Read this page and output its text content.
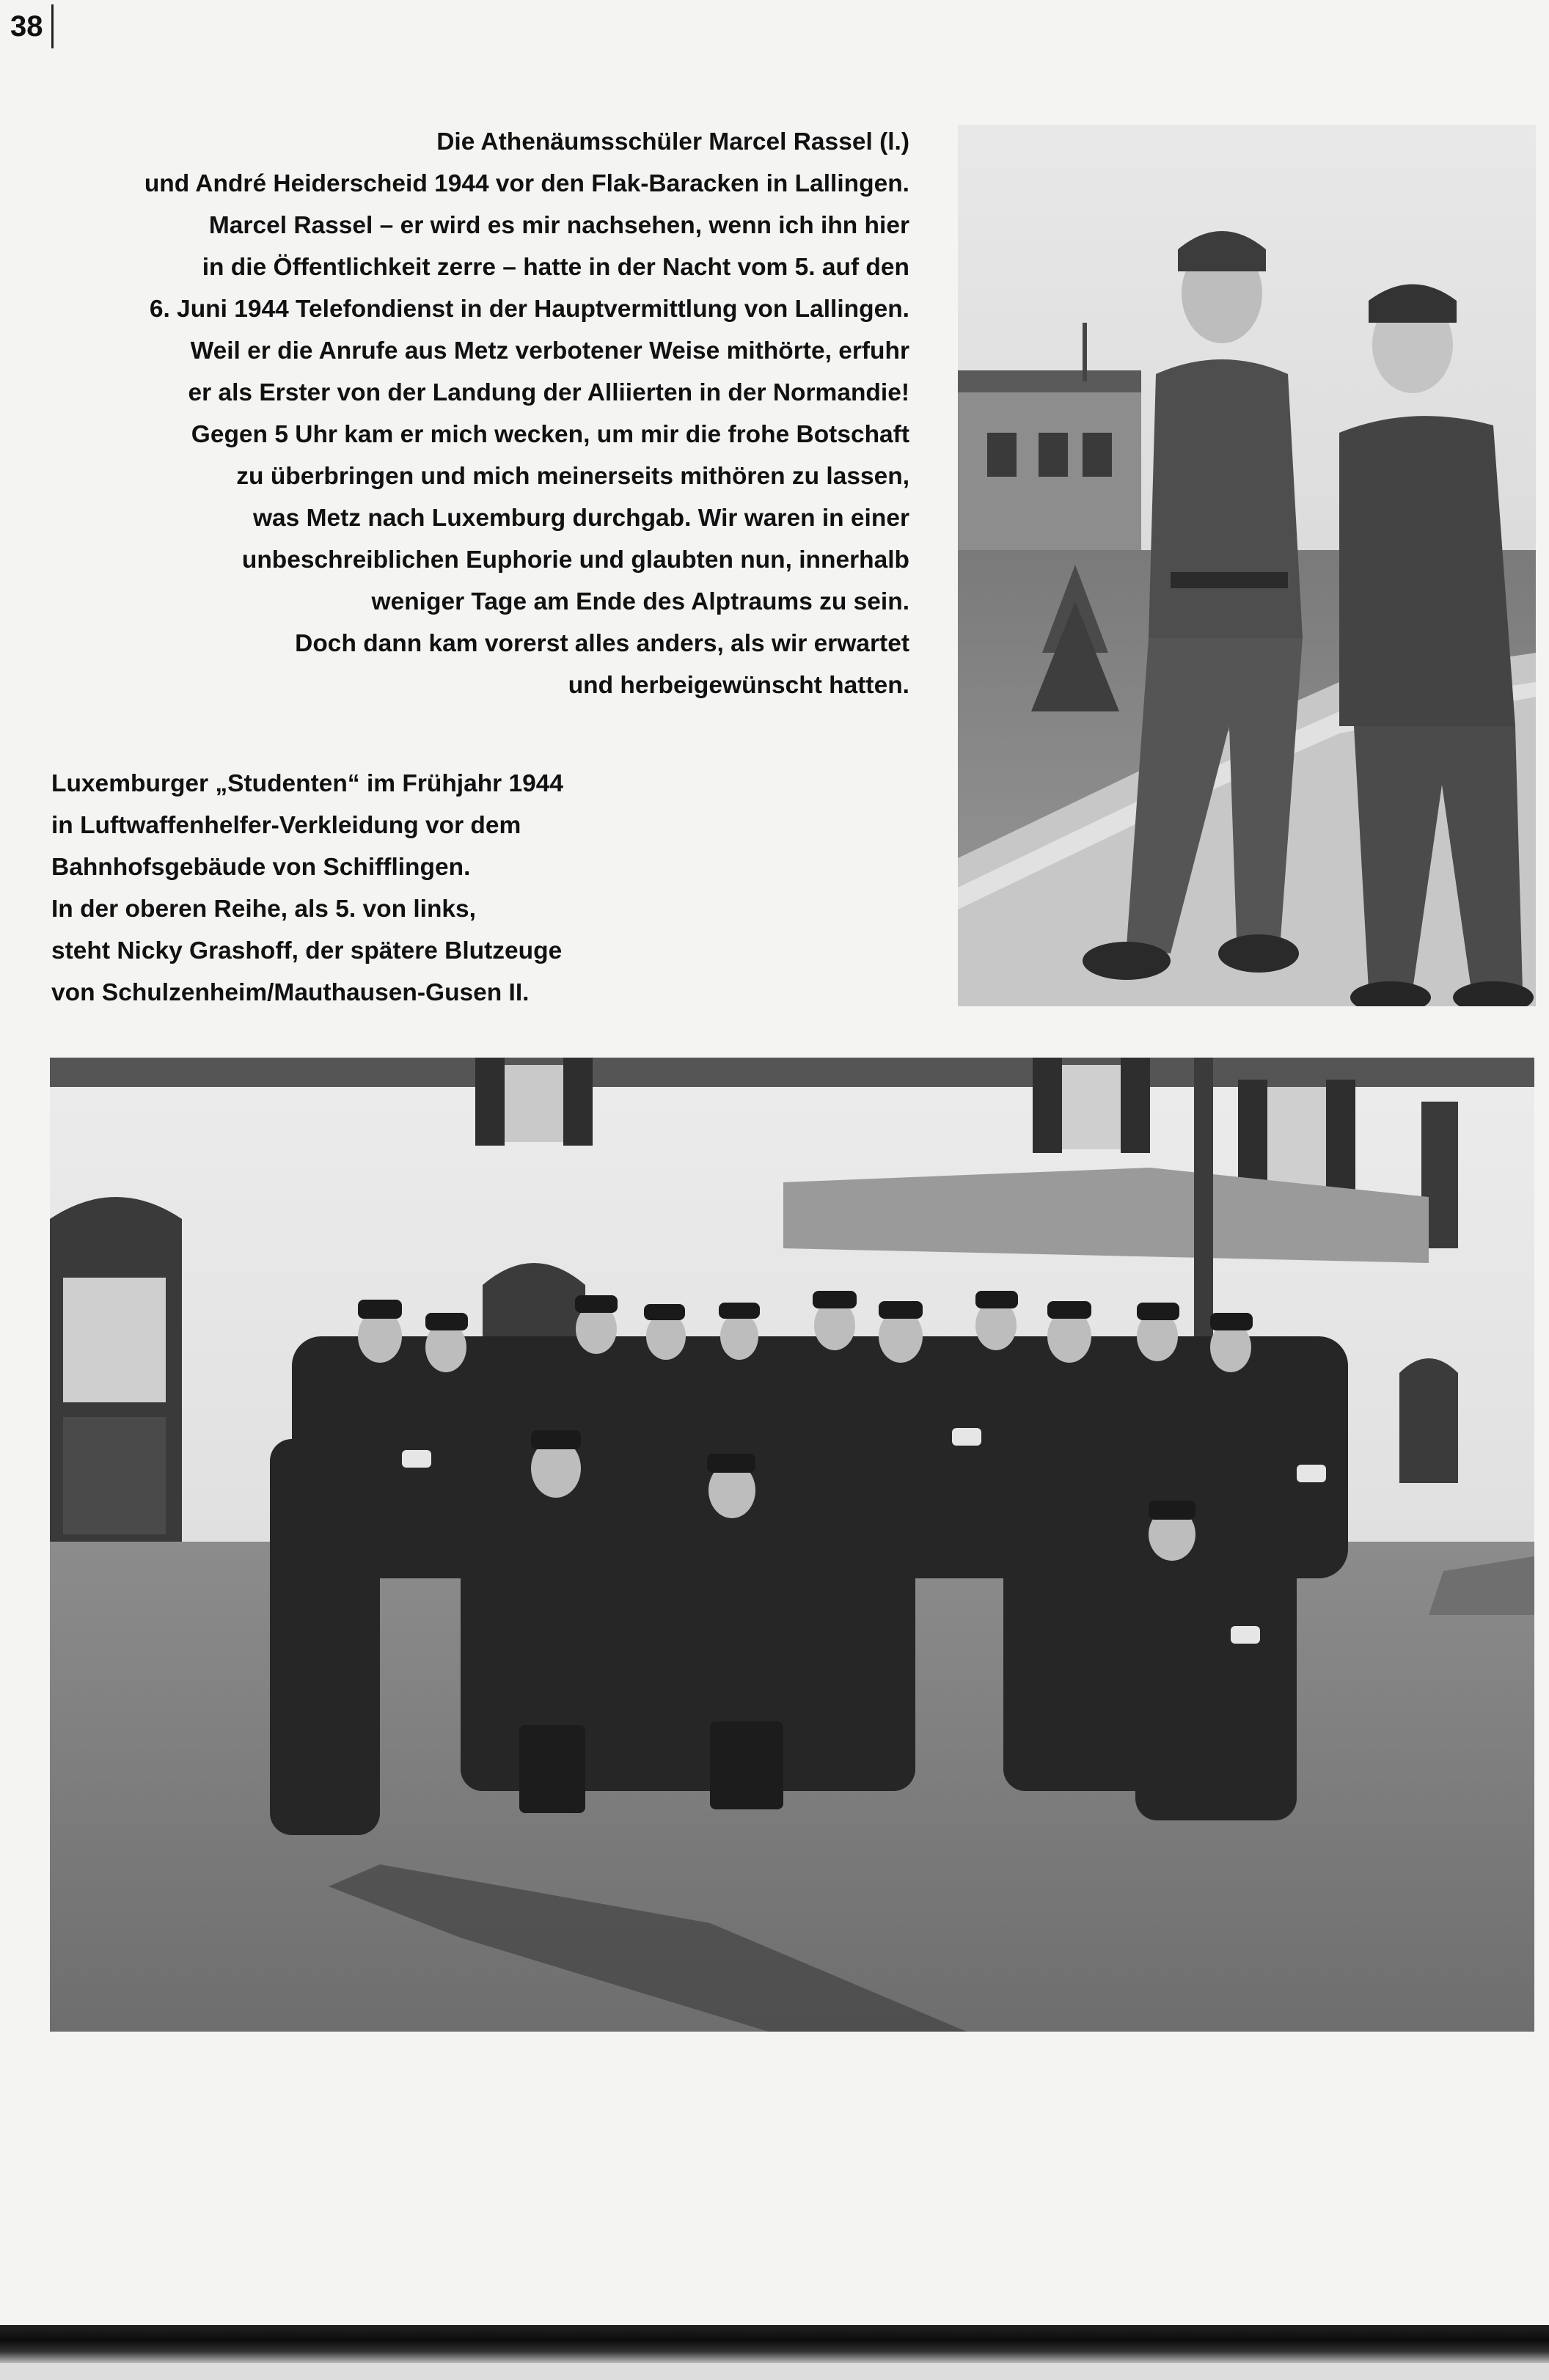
38
Die Athenäumsschüler Marcel Rassel (l.)
und André Heiderscheid 1944 vor den Flak-Baracken in Lallingen.
Marcel Rassel – er wird es mir nachsehen, wenn ich ihn hier
in die Öffentlichkeit zerre – hatte in der Nacht vom 5. auf den
6. Juni 1944 Telefondienst in der Hauptvermittlung von Lallingen.
Weil er die Anrufe aus Metz verbotener Weise mithörte, erfuhr
er als Erster von der Landung der Alliierten in der Normandie!
Gegen 5 Uhr kam er mich wecken, um mir die frohe Botschaft
zu überbringen und mich meinerseits mithören zu lassen,
was Metz nach Luxemburg durchgab. Wir waren in einer
unbeschreiblichen Euphorie und glaubten nun, innerhalb
weniger Tage am Ende des Alptraums zu sein.
Doch dann kam vorerst alles anders, als wir erwartet
und herbeigewünscht hatten.
Luxemburger „Studenten“ im Frühjahr 1944
in Luftwaffenhelfer-Verkleidung vor dem
Bahnhofsgebäude von Schifflingen.
In der oberen Reihe, als 5. von links,
steht Nicky Grashoff, der spätere Blutzeuge
von Schulzenheim/Mauthausen-Gusen II.
